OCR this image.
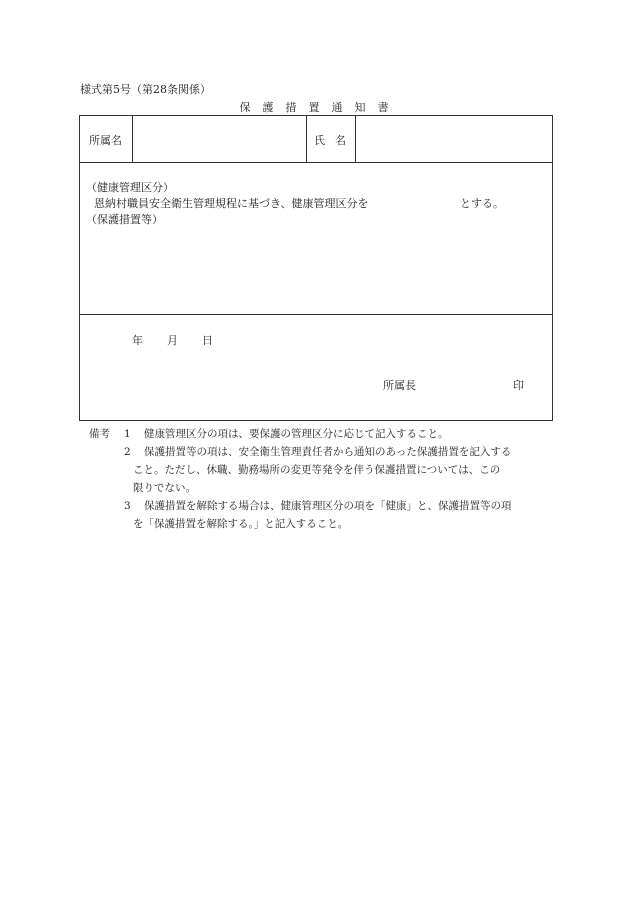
様式第5号（第28条関係）
保護措置通知書
所属名	氏名
（健康管理区分）
恩納村職員安全衛生管理規程に基づき、健康管理区分を	とする。
（保護措置等）
年 月 日
所属長	印
備考 1 健康管理区分の項は、要保護の管理区分に応じて記入すること。
2 保護措置等の項は、安全衛生管理責任者から通知のあった保護措置を記入する
こと。ただし、休職、勤務場所の変更等発令を伴う保護措置については、この
限りでない。
3 保護措置を解除する場合は、健康管理区分の項を「健康」と、保護措置等の項
を「保護措置を解除する。」と記入すること。
